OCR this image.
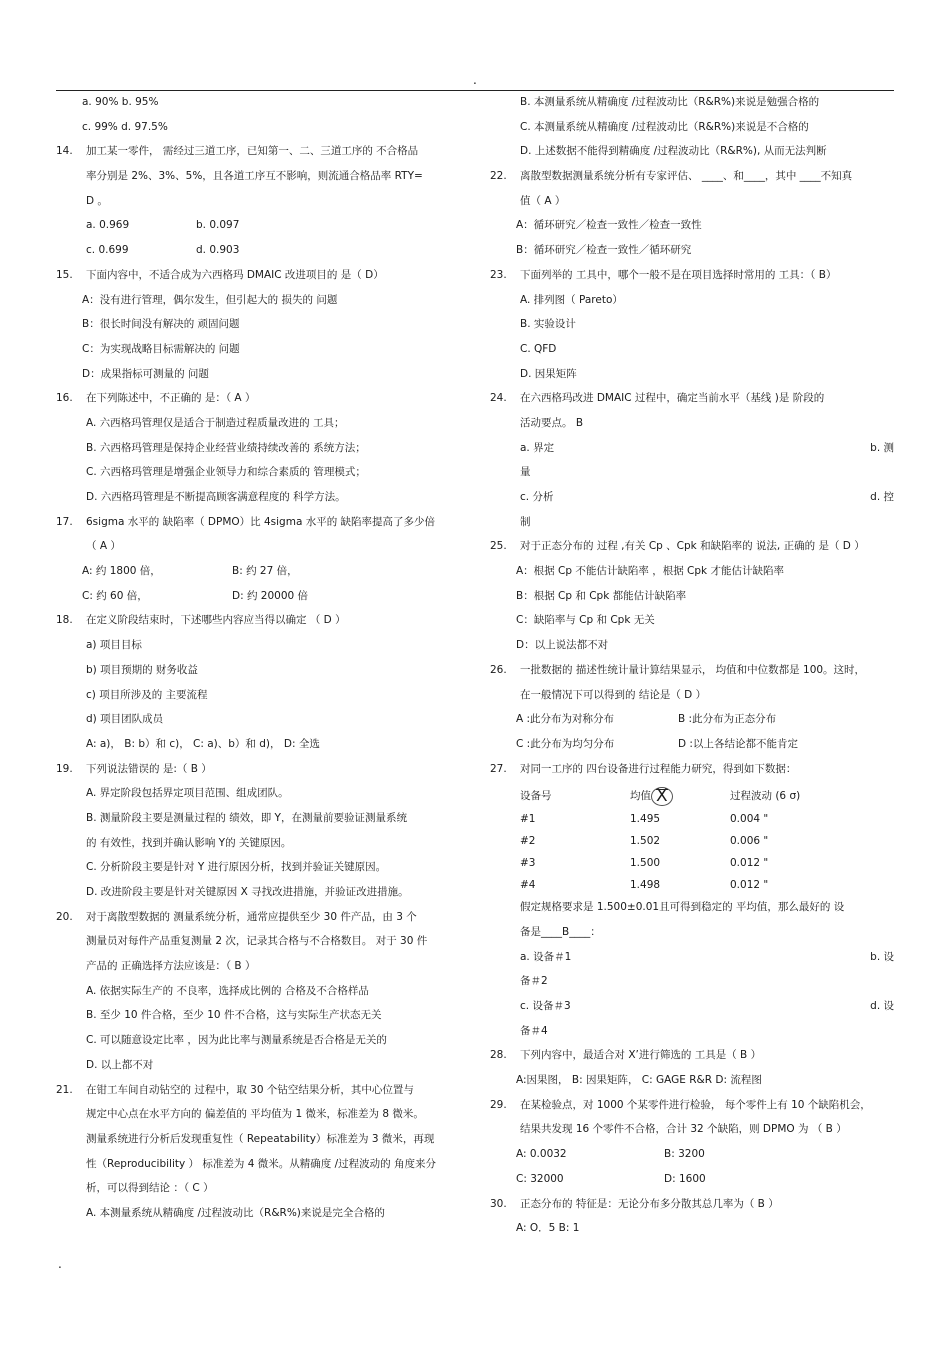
.
a. 90% b. 95%
c. 99% d. 97.5%
14.	加工某一零件， 需经过三道工序，已知第一、二、三道工序的 不合格品
率分别是 2%、3%、5%，且各道工序互不影响，则流通合格品率 RTY=
D 。
a. 0.969	b. 0.097
c. 0.699	d. 0.903
15.	下面内容中，不适合成为六西格玛 DMAIC 改进项目的 是（ D）
A：没有进行管理，偶尔发生，但引起大的 损失的 问题
B：很长时间没有解决的 顽固问题
C：为实现战略目标需解决的 问题
D：成果指标可测量的 问题
16.	在下列陈述中，不正确的 是：（ A ）
A. 六西格玛管理仅是适合于制造过程质量改进的 工具；
B. 六西格玛管理是保持企业经营业绩持续改善的 系统方法；
C. 六西格玛管理是增强企业领导力和综合素质的 管理模式；
D. 六西格玛管理是不断提高顾客满意程度的 科学方法。
17.	6sigma 水平的 缺陷率（ DPMO）比 4sigma 水平的 缺陷率提高了多少倍
（ A ）
A: 约 1800 倍，	B: 约 27 倍，
C: 约 60 倍，	D: 约 20000 倍
18.	在定义阶段结束时，下述哪些内容应当得以确定 （ D ）
a) 项目目标
b) 项目预期的 财务收益
c) 项目所涉及的 主要流程
d) 项目团队成员
A: a)， B: b）和 c)， C: a)、b）和 d)， D: 全选
19.	下列说法错误的 是:（ B ）
A. 界定阶段包括界定项目范围、组成团队。
B. 测量阶段主要是测量过程的 绩效，即 Y，在测量前要验证测量系统
的 有效性，找到并确认影响 Y的 关键原因。
C. 分析阶段主要是针对 Y 进行原因分析，找到并验证关键原因。
D. 改进阶段主要是针对关键原因 X 寻找改进措施，并验证改进措施。
20.	对于离散型数据的 测量系统分析，通常应提供至少 30 件产品，由 3 个
测量员对每件产品重复测量 2 次，记录其合格与不合格数目。 对于 30 件
产品的 正确选择方法应该是：（ B ）
A. 依据实际生产的 不良率，选择成比例的 合格及不合格样品
B. 至少 10 件合格，至少 10 件不合格，这与实际生产状态无关
C. 可以随意设定比率 ，因为此比率与测量系统是否合格是无关的
D. 以上都不对
21.	在钳工车间自动钻空的 过程中，取 30 个钻空结果分析，其中心位置与
规定中心点在水平方向的 偏差值的 平均值为 1 微米，标准差为 8 微米。
测量系统进行分析后发现重复性（ Repeatability）标准差为 3 微米，再现
性（Reproducibility ） 标准差为 4 微米。从精确度 /过程波动的 角度来分
析，可以得到结论 ：（ C ）
A. 本测量系统从精确度 /过程波动比（R&R%)来说是完全合格的
B. 本测量系统从精确度 /过程波动比（R&R%)来说是勉强合格的
C. 本测量系统从精确度 /过程波动比（R&R%)来说是不合格的
D. 上述数据不能得到精确度 /过程波动比（R&R%), 从而无法判断
22.	离散型数据测量系统分析有专家评估、 ____、和____，其中 ____不知真
值（ A ）
A：循环研究／检查一致性／检查一致性
B：循环研究／检查一致性／循环研究
23.	下面列举的 工具中，哪个一般不是在项目选择时常用的 工具：（ B）
A. 排列图（ Pareto）
B. 实验设计
C. QFD
D. 因果矩阵
24.	在六西格玛改进 DMAIC 过程中，确定当前水平（基线 )是 阶段的
活动要点。 B
a. 界定	b. 测
量
c. 分析	d. 控
制
25.	对于正态分布的 过程 ,有关 Cp 、Cpk 和缺陷率的 说法, 正确的 是（ D ）
A：根据 Cp 不能估计缺陷率 ，根据 Cpk 才能估计缺陷率
B：根据 Cp 和 Cpk 都能估计缺陷率
C：缺陷率与 Cp 和 Cpk 无关
D：以上说法都不对
26.	一批数据的 描述性统计量计算结果显示， 均值和中位数都是 100。这时，
在一般情况下可以得到的 结论是（ D ）
A :此分布为对称分布	B :此分布为正态分布
C :此分布为均匀分布	D :以上各结论都不能肯定
27.	对同一工序的 四台设备进行过程能力研究，得到如下数据：
设备号	均值 X	过程波动 (6 σ)
#1	1.495	0.004 "
#2	1.502	0.006 "
#3	1.500	0.012 "
#4	1.498	0.012 "
假定规格要求是 1.500±0.01且可得到稳定的 平均值，那么最好的 设
备是____B____：
a. 设备＃1	b. 设
备＃2
c. 设备＃3	d. 设
备＃4
28.	下列内容中，最适合对 X’进行筛选的 工具是（ B ）
A:因果图， B: 因果矩阵， C: GAGE R&R D: 流程图
29.	在某检验点，对 1000 个某零件进行检验， 每个零件上有 10 个缺陷机会，
结果共发现 16 个零件不合格，合计 32 个缺陷，则 DPMO 为 （ B ）
A: 0.0032	B: 3200
C: 32000	D: 1600
30.	正态分布的 特征是：无论分布多分散其总几率为（ B ）
A: O．5 B: 1
.
